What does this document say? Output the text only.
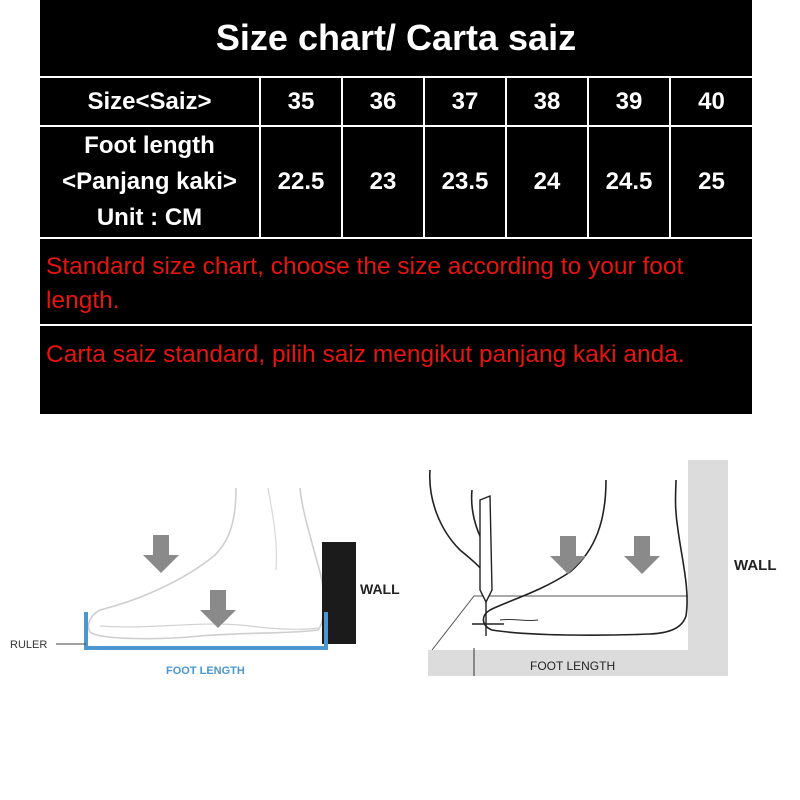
Size chart/ Carta saiz
Size<Saiz>	35	36	37	38	39	40

Foot length
<Panjang kaki>
Unit : CM	22.5	23	23.5	24	24.5	25
Standard size chart, choose the size according to your foot length.
Carta saiz standard, pilih saiz mengikut panjang kaki anda.
WALL
RULER
FOOT LENGTH	FOOT LENGTH
WALL
